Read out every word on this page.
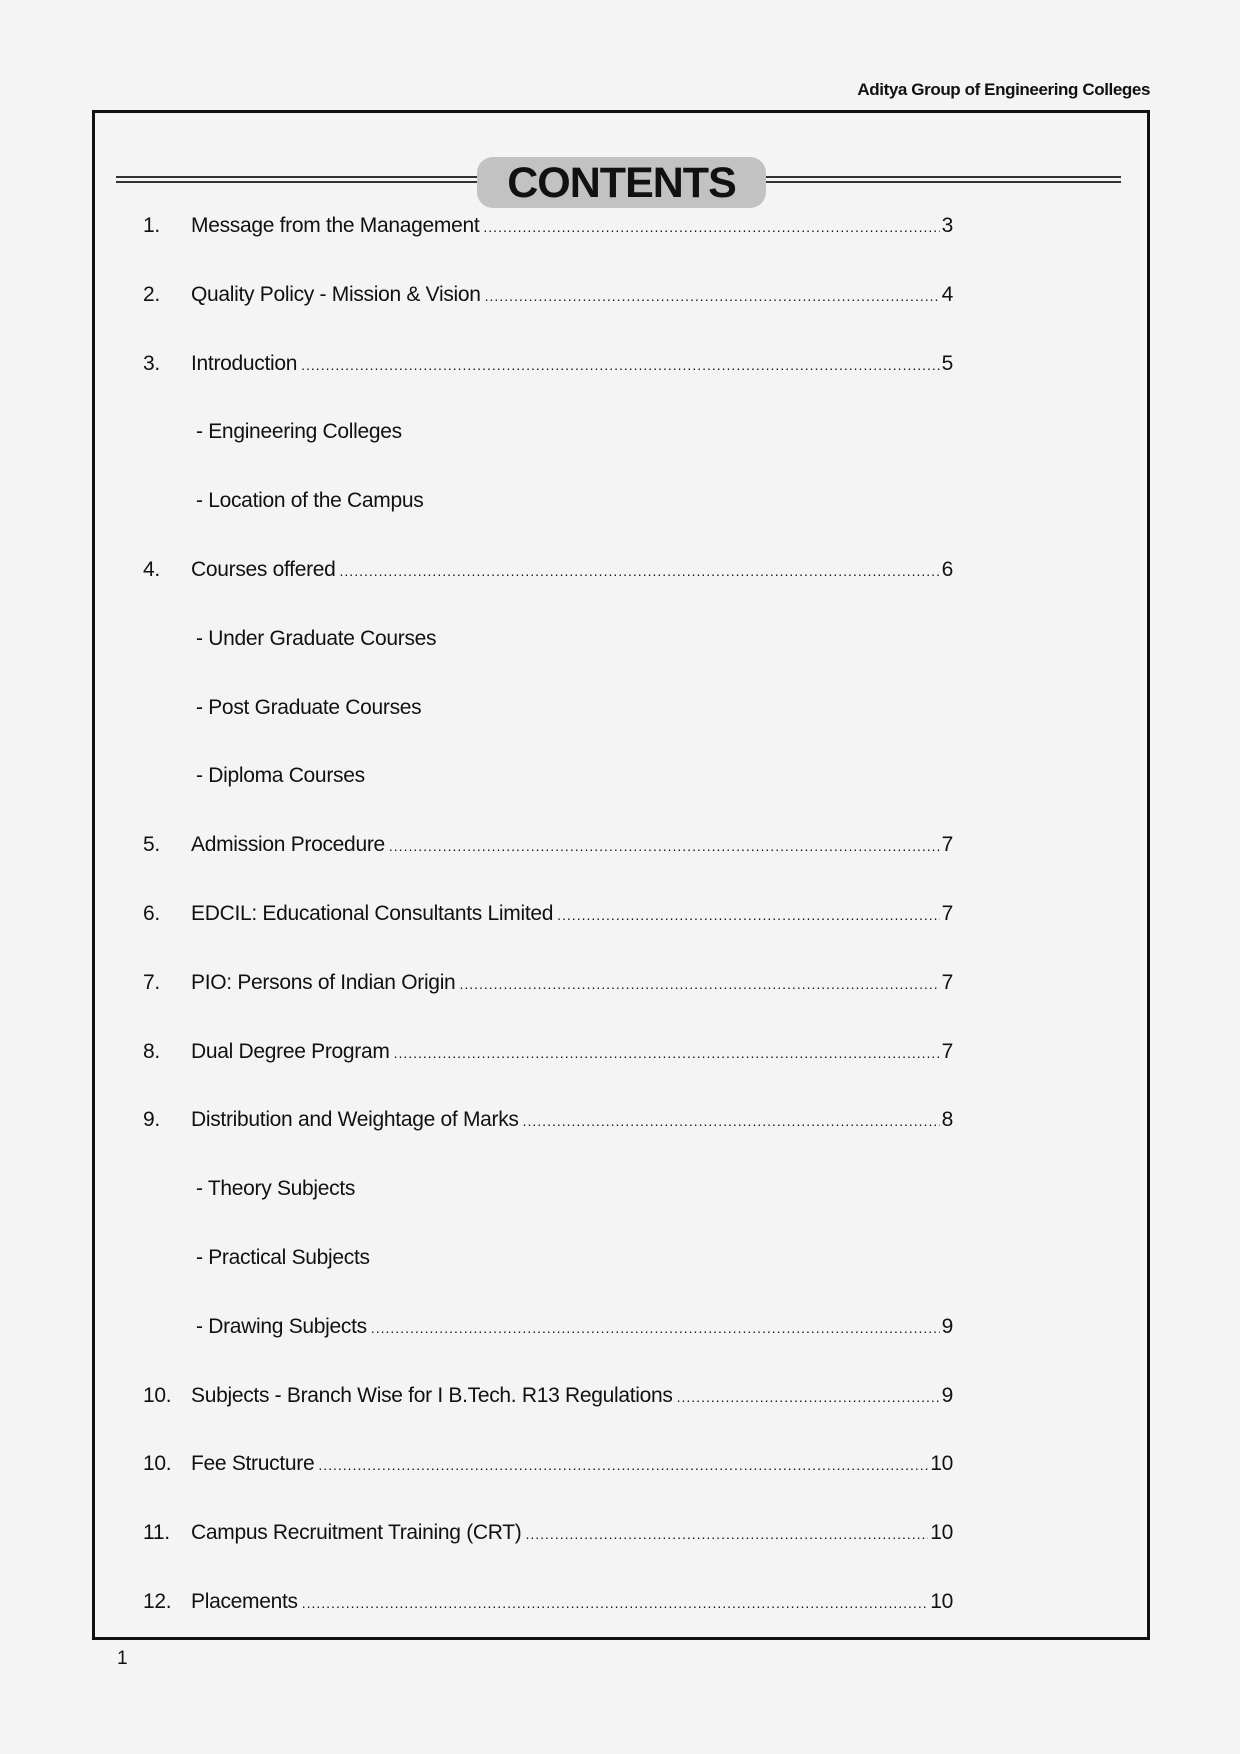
Aditya Group of Engineering Colleges
CONTENTS
1.	Message from the Management .....	3
2.	Quality Policy - Mission & Vision .....	4
3.	Introduction .....	5
- Engineering Colleges
- Location of the Campus
4.	Courses offered .....	6
- Under Graduate Courses
- Post Graduate Courses
- Diploma Courses
5.	Admission Procedure .....	7
6.	EDCIL: Educational Consultants Limited .....	7
7.	PIO: Persons of Indian Origin .....	7
8.	Dual Degree Program .....	7
9.	Distribution and Weightage of Marks .....	8
- Theory Subjects
- Practical Subjects
- Drawing Subjects .....	9
10. Subjects - Branch Wise for I B.Tech. R13 Regulations .....	9
10. Fee Structure .....	10
11.	Campus Recruitment Training (CRT) .....	10
12. Placements .....	10
1
